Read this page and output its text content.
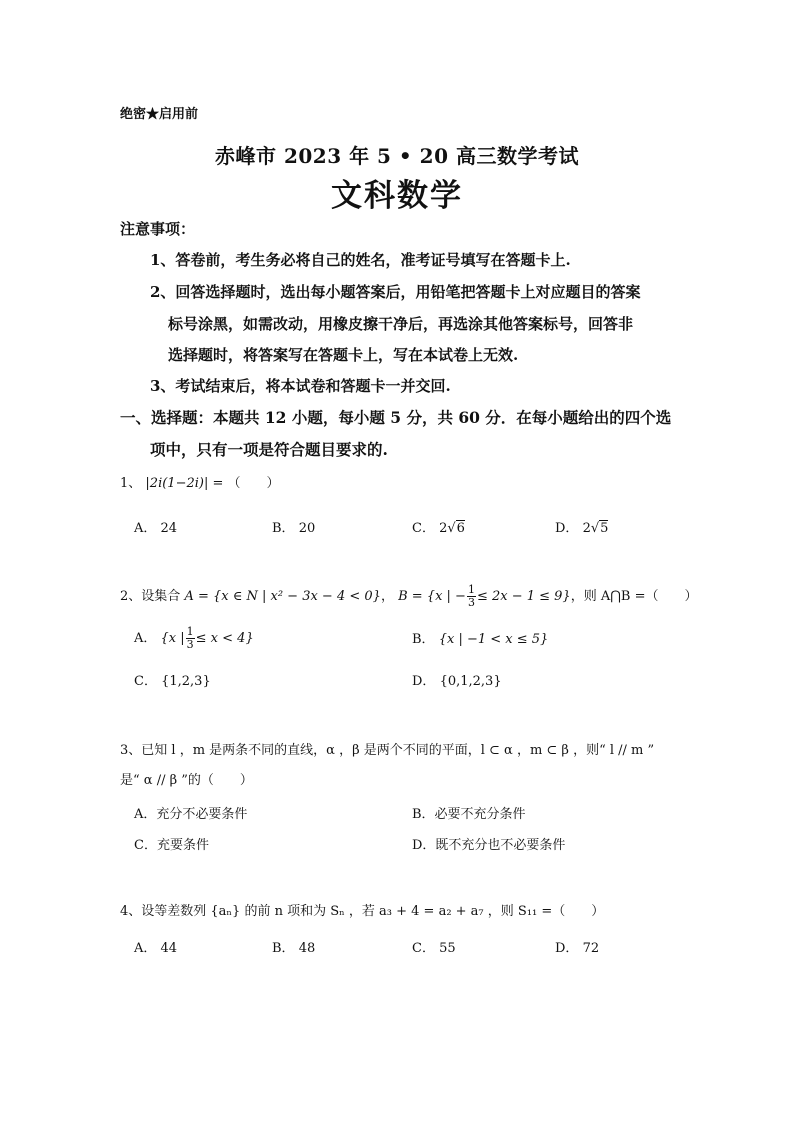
绝密★启用前
赤峰市 2023 年 5 • 20 高三数学考试
文科数学
注意事项：
1、答卷前，考生务必将自己的姓名，准考证号填写在答题卡上.
2、回答选择题时，选出每小题答案后，用铅笔把答题卡上对应题目的答案
标号涂黑，如需改动，用橡皮擦干净后，再选涂其他答案标号，回答非
选择题时，将答案写在答题卡上，写在本试卷上无效.
3、考试结束后，将本试卷和答题卡一并交回.
一、选择题：本题共 12 小题，每小题 5 分，共 60 分．在每小题给出的四个选
项中，只有一项是符合题目要求的.
1、 |2i(1−2i)| = （　　）
A． 24	B． 20	C． 2√6	D． 2√5
2、设集合 A = {x ∈ N | x² − 3x − 4 < 0}， B = {x | − $\frac{1}{3} \le 2x - 1 \le 9$}，则 A⋂B =（　　）
A． {x | $\frac{1}{3} \le x < 4$}	B． {x | −1 < x ≤ 5}
C． {1,2,3}	D． {0,1,2,3}
3、已知 l ，m 是两条不同的直线，α ，β 是两个不同的平面，l ⊂ α ，m ⊂ β ，则“ l // m ”
是“ α // β ”的（　　）
A．充分不必要条件	B．必要不充分条件
C．充要条件	D．既不充分也不必要条件
4、设等差数列 {aₙ} 的前 n 项和为 Sₙ ，若 a₃ + 4 = a₂ + a₇ ，则 S₁₁ =（　　）
A． 44	B． 48	C． 55	D． 72
